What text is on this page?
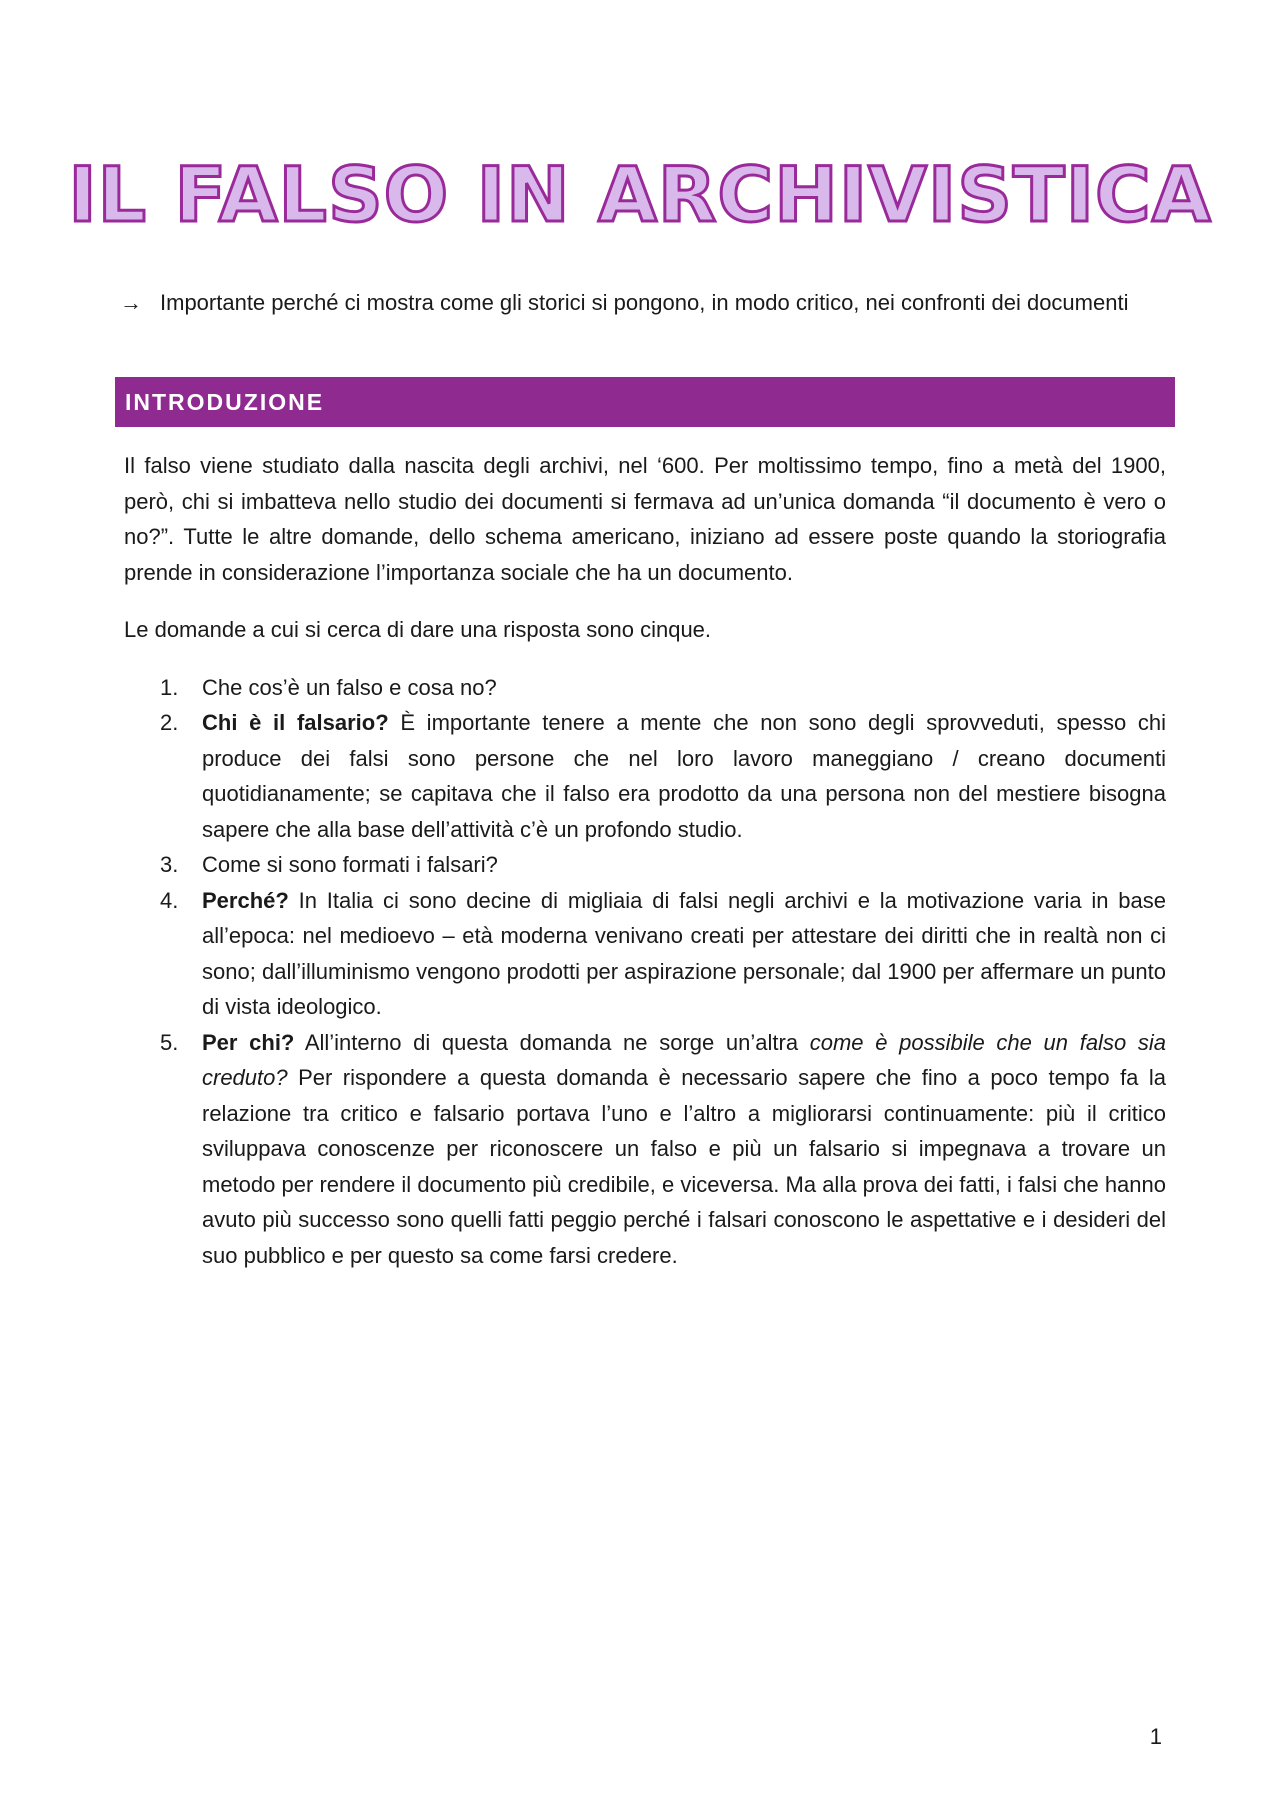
IL FALSO IN ARCHIVISTICA

→ Importante perché ci mostra come gli storici si pongono, in modo critico, nei confronti dei documenti

INTRODUZIONE

Il falso viene studiato dalla nascita degli archivi, nel ‘600. Per moltissimo tempo, fino a metà del 1900, però, chi si imbatteva nello studio dei documenti si fermava ad un’unica domanda “il documento è vero o no?”. Tutte le altre domande, dello schema americano, iniziano ad essere poste quando la storiografia prende in considerazione l’importanza sociale che ha un documento.

Le domande a cui si cerca di dare una risposta sono cinque.

1. Che cos’è un falso e cosa no?
2. Chi è il falsario? È importante tenere a mente che non sono degli sprovveduti, spesso chi produce dei falsi sono persone che nel loro lavoro maneggiano / creano documenti quotidianamente; se capitava che il falso era prodotto da una persona non del mestiere bisogna sapere che alla base dell’attività c’è un profondo studio.
3. Come si sono formati i falsari?
4. Perché? In Italia ci sono decine di migliaia di falsi negli archivi e la motivazione varia in base all’epoca: nel medioevo – età moderna venivano creati per attestare dei diritti che in realtà non ci sono; dall’illuminismo vengono prodotti per aspirazione personale; dal 1900 per affermare un punto di vista ideologico.
5. Per chi? All’interno di questa domanda ne sorge un’altra come è possibile che un falso sia creduto? Per rispondere a questa domanda è necessario sapere che fino a poco tempo fa la relazione tra critico e falsario portava l’uno e l’altro a migliorarsi continuamente: più il critico sviluppava conoscenze per riconoscere un falso e più un falsario si impegnava a trovare un metodo per rendere il documento più credibile, e viceversa. Ma alla prova dei fatti, i falsi che hanno avuto più successo sono quelli fatti peggio perché i falsari conoscono le aspettative e i desideri del suo pubblico e per questo sa come farsi credere.
1
